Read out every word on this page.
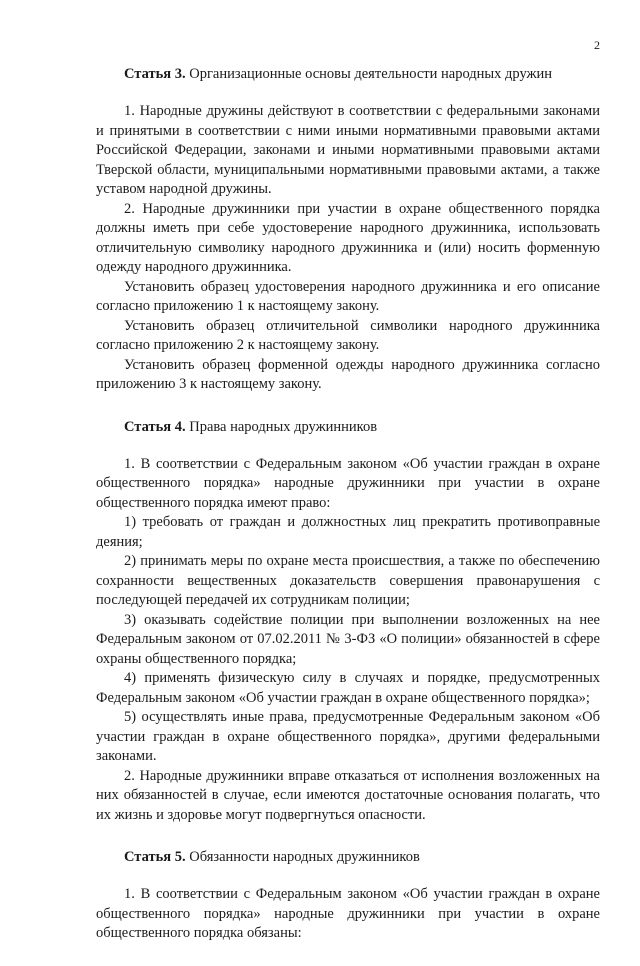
2
Статья 3. Организационные основы деятельности народных дружин

1. Народные дружины действуют в соответствии с федеральными законами и принятыми в соответствии с ними иными нормативными правовыми актами Российской Федерации, законами и иными нормативными правовыми актами Тверской области, муниципальными нормативными правовыми актами, а также уставом народной дружины.

2. Народные дружинники при участии в охране общественного порядка должны иметь при себе удостоверение народного дружинника, использовать отличительную символику народного дружинника и (или) носить форменную одежду народного дружинника.

Установить образец удостоверения народного дружинника и его описание согласно приложению 1 к настоящему закону.

Установить образец отличительной символики народного дружинника согласно приложению 2 к настоящему закону.

Установить образец форменной одежды народного дружинника согласно приложению 3 к настоящему закону.

Статья 4. Права народных дружинников

1. В соответствии с Федеральным законом «Об участии граждан в охране общественного порядка» народные дружинники при участии в охране общественного порядка имеют право:

1) требовать от граждан и должностных лиц прекратить противоправные деяния;

2) принимать меры по охране места происшествия, а также по обеспечению сохранности вещественных доказательств совершения правонарушения с последующей передачей их сотрудникам полиции;

3) оказывать содействие полиции при выполнении возложенных на нее Федеральным законом от 07.02.2011 № 3-ФЗ «О полиции» обязанностей в сфере охраны общественного порядка;

4) применять физическую силу в случаях и порядке, предусмотренных Федеральным законом «Об участии граждан в охране общественного порядка»;

5) осуществлять иные права, предусмотренные Федеральным законом «Об участии граждан в охране общественного порядка», другими федеральными законами.

2. Народные дружинники вправе отказаться от исполнения возложенных на них обязанностей в случае, если имеются достаточные основания полагать, что их жизнь и здоровье могут подвергнуться опасности.

Статья 5. Обязанности народных дружинников

1. В соответствии с Федеральным законом «Об участии граждан в охране общественного порядка» народные дружинники при участии в охране общественного порядка обязаны:
